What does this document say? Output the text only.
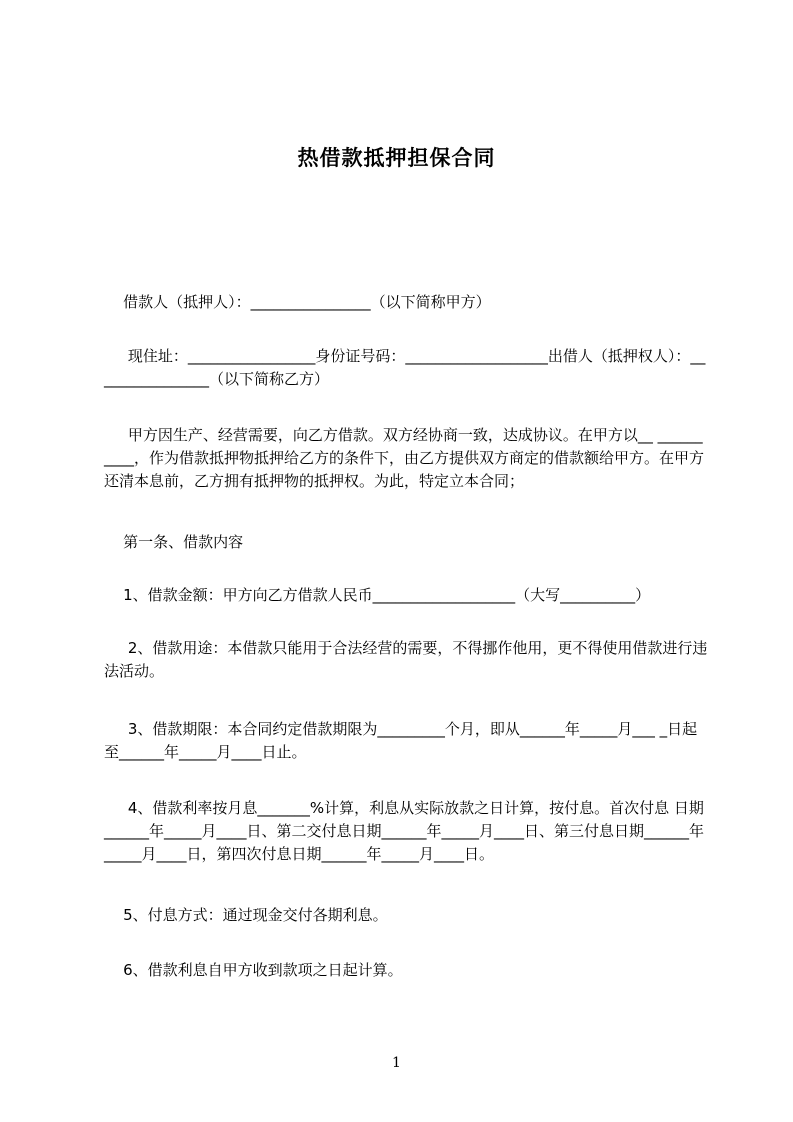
热借款抵押担保合同
借款人（抵押人）：________________（以下简称甲方）
现住址：_________________身份证号码：___________________出借人（抵押权人）：________________（以下简称乙方）
甲方因生产、经营需要，向乙方借款。双方经协商一致，达成协议。在甲方以__ __________，作为借款抵押物抵押给乙方的条件下，由乙方提供双方商定的借款额给甲方。在甲方还清本息前，乙方拥有抵押物的抵押权。为此，特定立本合同；
第一条、借款内容
1、借款金额：甲方向乙方借款人民币___________________（大写__________）
2、借款用途：本借款只能用于合法经营的需要，不得挪作他用，更不得使用借款进行违法活动。
3、借款期限：本合同约定借款期限为_________个月，即从______年_____月___ _日起至______年_____月____日止。
4、借款利率按月息_______%计算，利息从实际放款之日计算，按付息。首次付息 日期______年_____月____日、第二交付息日期______年_____月____日、第三付息日期______年_____月____日，第四次付息日期______年_____月____日。
5、付息方式：通过现金交付各期利息。
6、借款利息自甲方收到款项之日起计算。
1
